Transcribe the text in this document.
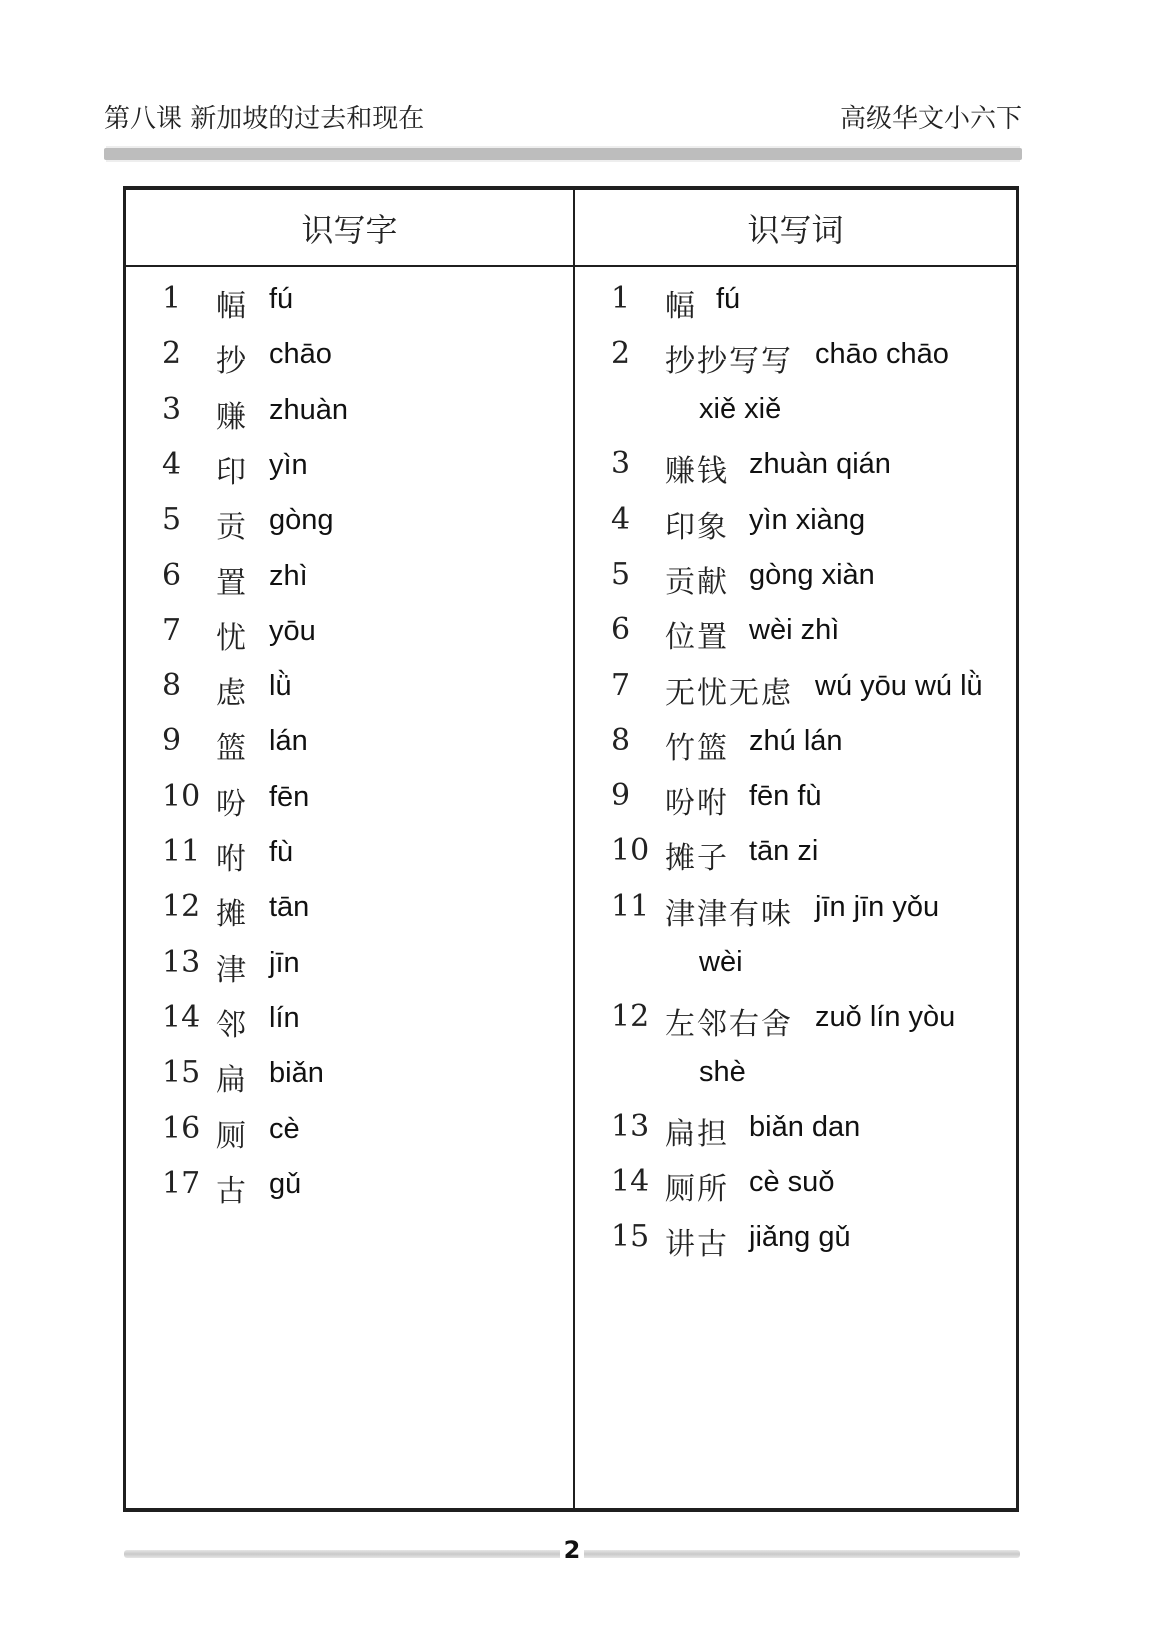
第八课 新加坡的过去和现在	高级华文小六下
识写字	识写词
1 幅 fú
2 抄 chāo
3 赚 zhuàn
4 印 yìn
5 贡 gòng
6 置 zhì
7 忧 yōu
8 虑 lǜ
9 篮 lán
10 吩 fēn
11 咐 fù
12 摊 tān
13 津 jīn
14 邻 lín
15 扁 biǎn
16 厕 cè
17 古 gǔ
1 幅 fú
2 抄抄写写 chāo chāo
xiě xiě
3 赚钱 zhuàn qián
4 印象 yìn xiàng
5 贡献 gòng xiàn
6 位置 wèi zhì
7 无忧无虑 wú yōu wú lǜ
8 竹篮 zhú lán
9 吩咐 fēn fù
10 摊子 tān zi
11 津津有味 jīn jīn yǒu
wèi
12 左邻右舍 zuǒ lín yòu
shè
13 扁担 biǎn dan
14 厕所 cè suǒ
15 讲古 jiǎng gǔ
2
